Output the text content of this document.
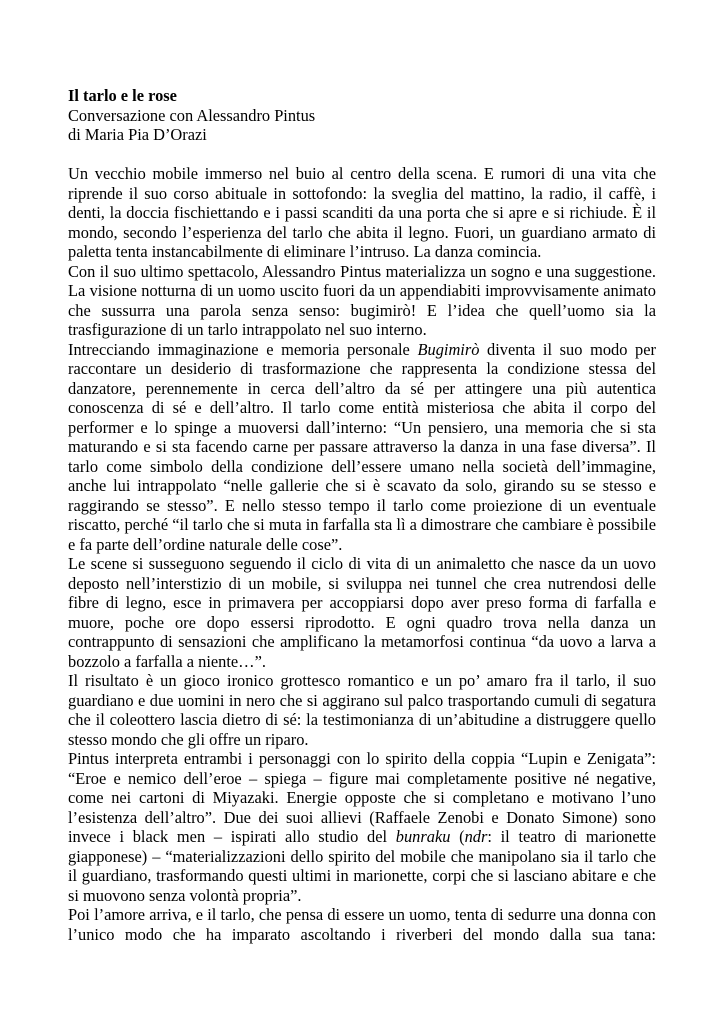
Il tarlo e le rose

Conversazione con Alessandro Pintus

di Maria Pia D’Orazi

Un vecchio mobile immerso nel buio al centro della scena. E rumori di una vita che riprende il suo corso abituale in sottofondo: la sveglia del mattino, la radio, il caffè, i denti, la doccia fischiettando e i passi scanditi da una porta che si apre e si richiude. È il mondo, secondo l’esperienza del tarlo che abita il legno. Fuori, un guardiano armato di paletta tenta instancabilmente di eliminare l’intruso. La danza comincia.

Con il suo ultimo spettacolo, Alessandro Pintus materializza un sogno e una suggestione. La visione notturna di un uomo uscito fuori da un appendiabiti improvvisamente animato che sussurra una parola senza senso: bugimirò! E l’idea che quell’uomo sia la trasfigurazione di un tarlo intrappolato nel suo interno.

Intrecciando immaginazione e memoria personale Bugimirò diventa il suo modo per raccontare un desiderio di trasformazione che rappresenta la condizione stessa del danzatore, perennemente in cerca dell’altro da sé per attingere una più autentica conoscenza di sé e dell’altro. Il tarlo come entità misteriosa che abita il corpo del performer e lo spinge a muoversi dall’interno: “Un pensiero, una memoria che si sta maturando e si sta facendo carne per passare attraverso la danza in una fase diversa”. Il tarlo come simbolo della condizione dell’essere umano nella società dell’immagine, anche lui intrappolato “nelle gallerie che si è scavato da solo, girando su se stesso e raggirando se stesso”. E nello stesso tempo il tarlo come proiezione di un eventuale riscatto, perché “il tarlo che si muta in farfalla sta lì a dimostrare che cambiare è possibile e fa parte dell’ordine naturale delle cose”.

Le scene si susseguono seguendo il ciclo di vita di un animaletto che nasce da un uovo deposto nell’interstizio di un mobile, si sviluppa nei tunnel che crea nutrendosi delle fibre di legno, esce in primavera per accoppiarsi dopo aver preso forma di farfalla e muore, poche ore dopo essersi riprodotto. E ogni quadro trova nella danza un contrappunto di sensazioni che amplificano la metamorfosi continua “da uovo a larva a bozzolo a farfalla a niente…”.

Il risultato è un gioco ironico grottesco romantico e un po’ amaro fra il tarlo, il suo guardiano e due uomini in nero che si aggirano sul palco trasportando cumuli di segatura che il coleottero lascia dietro di sé: la testimonianza di un’abitudine a distruggere quello stesso mondo che gli offre un riparo.

Pintus interpreta entrambi i personaggi con lo spirito della coppia “Lupin e Zenigata”: “Eroe e nemico dell’eroe – spiega – figure mai completamente positive né negative, come nei cartoni di Miyazaki. Energie opposte che si completano e motivano l’uno l’esistenza dell’altro”. Due dei suoi allievi (Raffaele Zenobi e Donato Simone) sono invece i black men – ispirati allo studio del bunraku (ndr: il teatro di marionette giapponese) – “materializzazioni dello spirito del mobile che manipolano sia il tarlo che il guardiano, trasformando questi ultimi in marionette, corpi che si lasciano abitare e che si muovono senza volontà propria”.

Poi l’amore arriva, e il tarlo, che pensa di essere un uomo, tenta di sedurre una donna con l’unico modo che ha imparato ascoltando i riverberi del mondo dalla sua tana:
